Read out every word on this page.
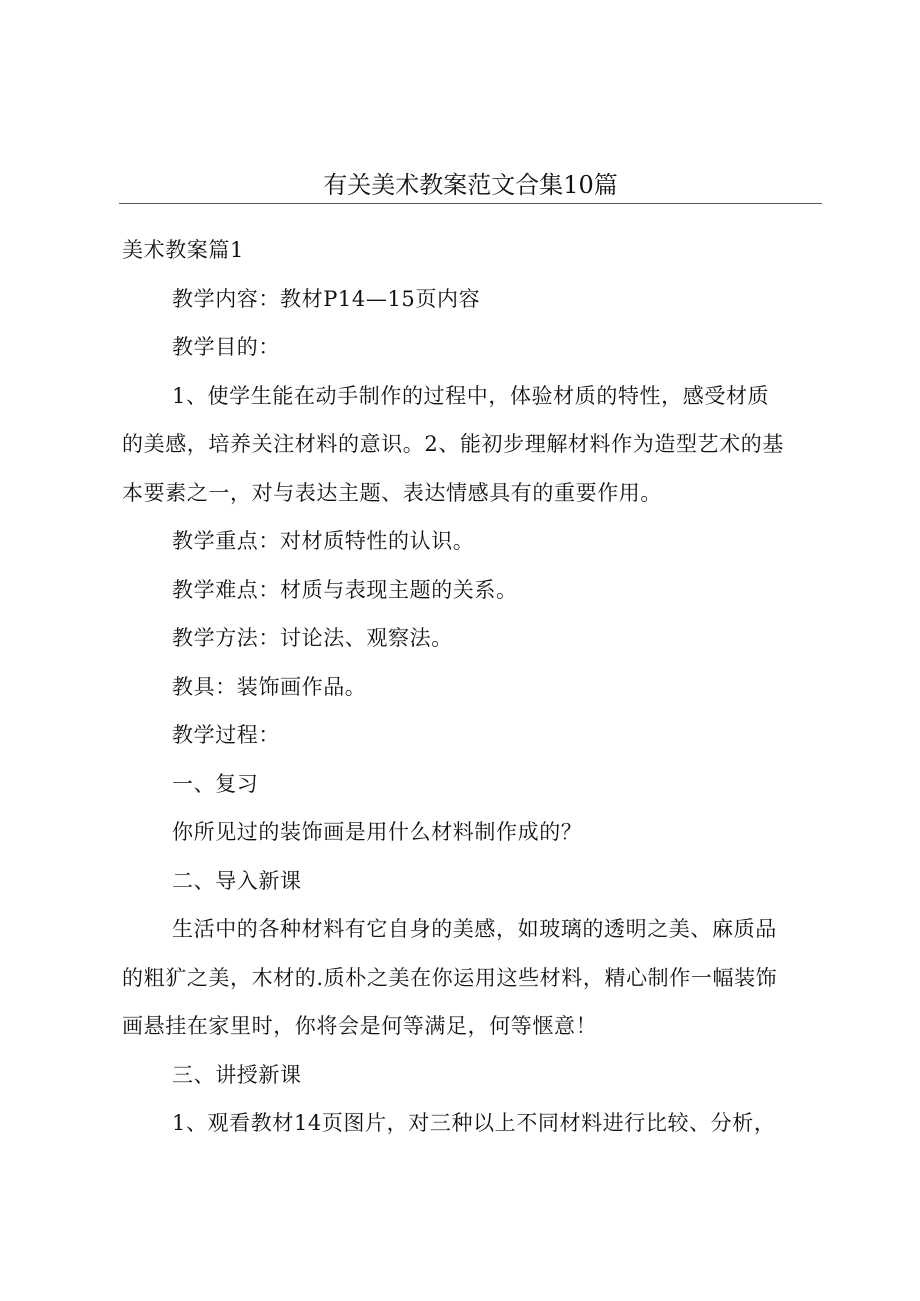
有关美术教案范文合集10篇

美术教案篇1

教学内容：教材P14—15页内容

教学目的：

1、使学生能在动手制作的过程中，体验材质的特性，感受材质
的美感，培养关注材料的意识。2、能初步理解材料作为造型艺术的基
本要素之一，对与表达主题、表达情感具有的重要作用。

教学重点：对材质特性的认识。

教学难点：材质与表现主题的关系。

教学方法：讨论法、观察法。

教具：装饰画作品。

教学过程：

一、复习

你所见过的装饰画是用什么材料制作成的？

二、导入新课

生活中的各种材料有它自身的美感，如玻璃的透明之美、麻质品
的粗犷之美，木材的.质朴之美在你运用这些材料，精心制作一幅装饰
画悬挂在家里时，你将会是何等满足，何等惬意！

三、讲授新课

1、观看教材14页图片，对三种以上不同材料进行比较、分析，
